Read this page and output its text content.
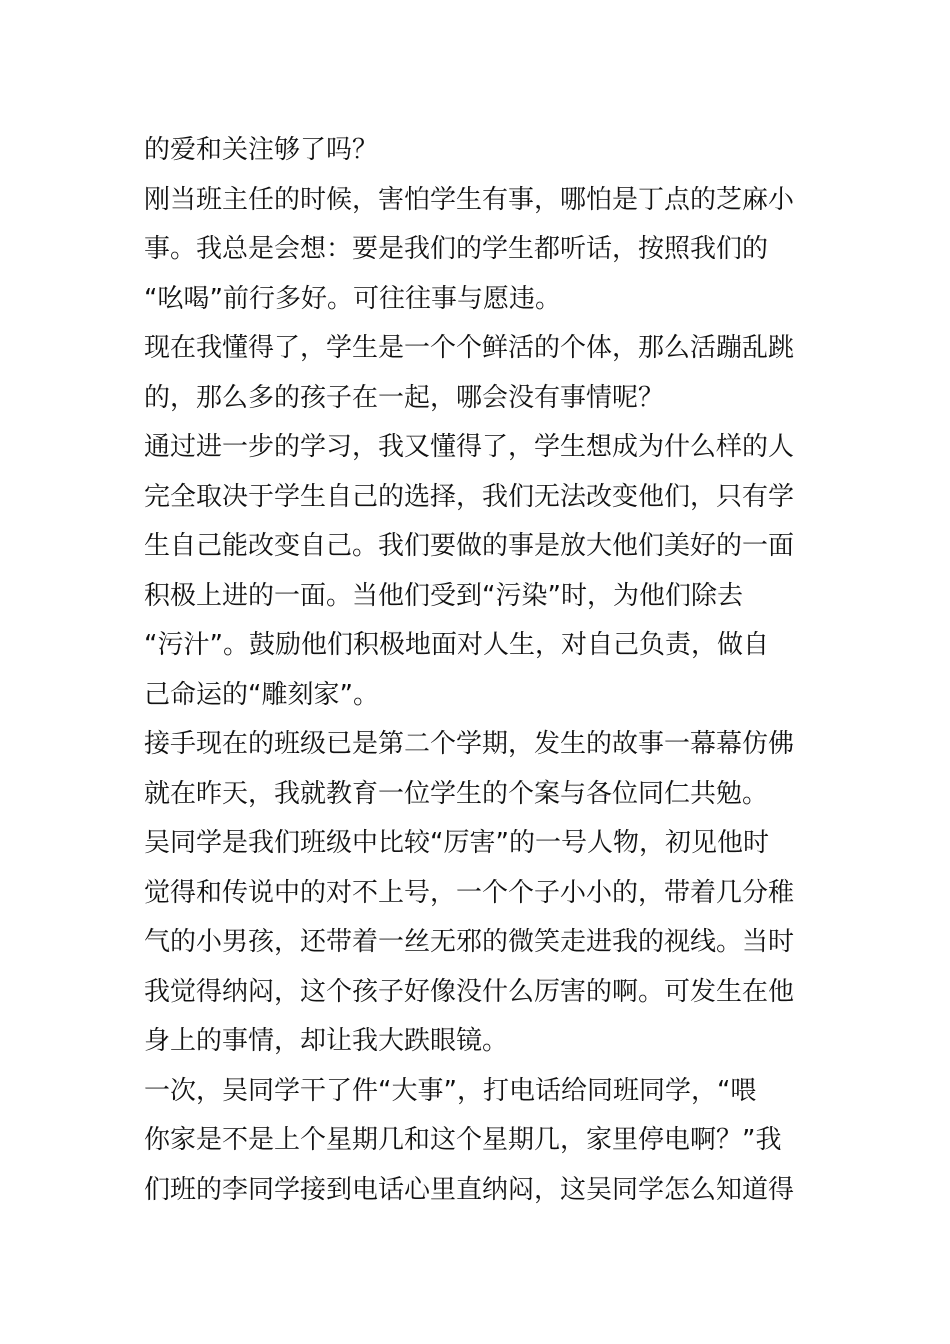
的爱和关注够了吗？
刚当班主任的时候，害怕学生有事，哪怕是丁点的芝麻小
事。我总是会想：要是我们的学生都听话，按照我们的
“吆喝”前行多好。可往往事与愿违。
现在我懂得了，学生是一个个鲜活的个体，那么活蹦乱跳
的，那么多的孩子在一起，哪会没有事情呢？
通过进一步的学习，我又懂得了，学生想成为什么样的人
完全取决于学生自己的选择，我们无法改变他们，只有学
生自己能改变自己。我们要做的事是放大他们美好的一面
积极上进的一面。当他们受到“污染”时，为他们除去
“污汁”。鼓励他们积极地面对人生，对自己负责，做自
己命运的“雕刻家”。
接手现在的班级已是第二个学期，发生的故事一幕幕仿佛
就在昨天，我就教育一位学生的个案与各位同仁共勉。
吴同学是我们班级中比较“厉害”的一号人物，初见他时
觉得和传说中的对不上号，一个个子小小的，带着几分稚
气的小男孩，还带着一丝无邪的微笑走进我的视线。当时
我觉得纳闷，这个孩子好像没什么厉害的啊。可发生在他
身上的事情，却让我大跌眼镜。
一次，吴同学干了件“大事”，打电话给同班同学，“喂
你家是不是上个星期几和这个星期几，家里停电啊？”我
们班的李同学接到电话心里直纳闷，这吴同学怎么知道得
